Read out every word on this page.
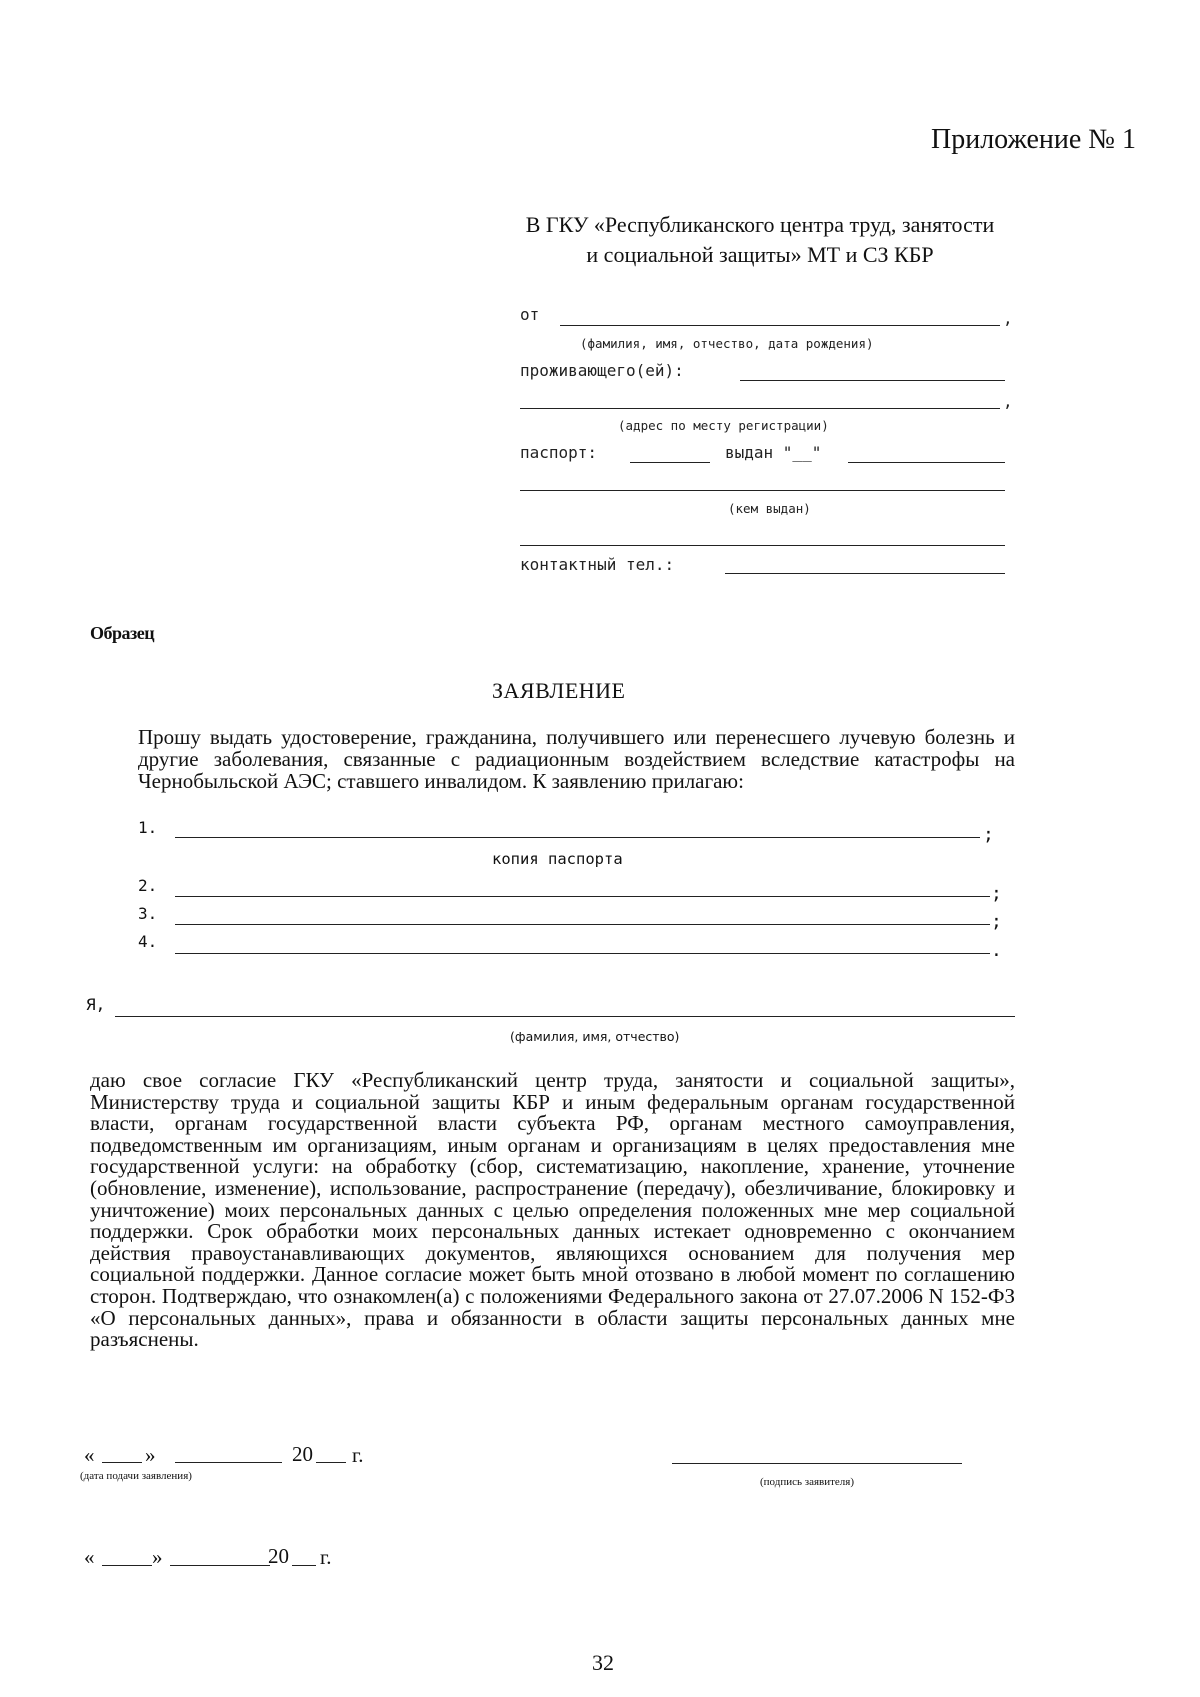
Приложение № 1
В ГКУ «Республиканского центра труд, занятости
и социальной защиты» МТ и СЗ КБР
от	,
(фамилия, имя, отчество, дата рождения)
проживающего(ей):
,
(адрес по месту регистрации)
паспорт:	выдан "__"
(кем выдан)
контактный тел.:
Образец
ЗАЯВЛЕНИЕ
Прошу выдать удостоверение, гражданина, получившего или перенесшего лучевую болезнь и другие заболевания, связанные с радиационным воздействием вследствие катастрофы на Чернобыльской АЭС; ставшего инвалидом. К заявлению прилагаю:
1.	;
копия паспорта
2.	;
3.	;
4.	.
Я,
(фамилия, имя, отчество)
даю свое согласие ГКУ «Республиканский центр труда, занятости и социальной защиты», Министерству труда и социальной защиты КБР и иным федеральным органам государственной власти, органам государственной власти субъекта РФ, органам местного самоуправления, подведомственным им организациям, иным органам и организациям в целях предоставления мне государственной услуги: на обработку (сбор, систематизацию, накопление, хранение, уточнение (обновление, изменение), использование, распространение (передачу), обезличивание, блокировку и уничтожение) моих персональных данных с целью определения положенных мне мер социальной поддержки. Срок обработки моих персональных данных истекает одновременно с окончанием действия правоустанавливающих документов, являющихся основанием для получения мер социальной поддержки. Данное согласие может быть мной отозвано в любой момент по соглашению сторон. Подтверждаю, что ознакомлен(а) с положениями Федерального закона от 27.07.2006 N 152-ФЗ «О персональных данных», права и обязанности в области защиты персональных данных мне разъяснены.
« »	20 г.
(дата подачи заявления)	(подпись заявителя)
«	»	20 г.
32
